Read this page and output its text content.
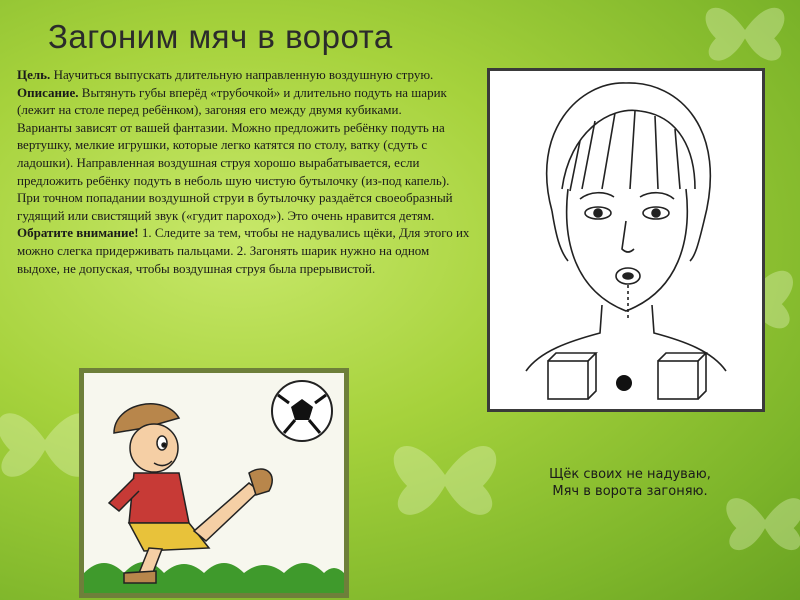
Загоним мяч в ворота

Цель. Научиться выпускать длительную направленную воздушную струю.

Описание. Вытянуть губы вперёд «трубочкой» и длительно подуть на шарик (лежит на столе перед ребёнком), загоняя его между двумя кубиками.

Варианты зависят от вашей фантазии. Можно предложить ребёнку подуть на вертушку, мелкие игрушки, которые легко катятся по столу, ватку (сдуть с ладошки). Направленная воздушная струя хорошо вырабатывается, если предложить ребёнку подуть в неболь шую чистую бутылочку (из-под капель). При точном попадании воздушной струи в бутылочку раздаётся своеобразный гудящий или свистящий звук («гудит пароход»). Это очень нравится детям.

Обратите внимание! 1. Следите за тем, чтобы не надувались щёки, Для этого их можно слегка придерживать пальцами. 2. Загонять шарик нужно на одном выдохе, не допуская, чтобы воздушная струя была прерывистой.

Щёк своих не надуваю,
Мяч в ворота загоняю.
